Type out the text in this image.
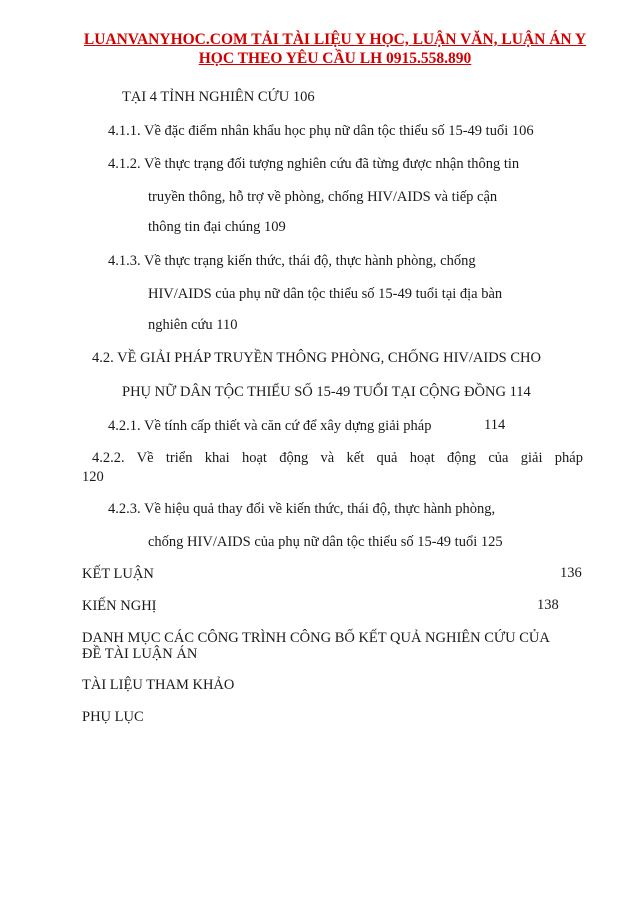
LUANVANYHOC.COM TẢI TÀI LIỆU Y HỌC, LUẬN VĂN, LUẬN ÁN Y
HỌC THEO YÊU CẦU LH 0915.558.890
TẠI 4 TỈNH NGHIÊN CỨU 106
4.1.1. Về đặc điểm nhân khẩu học phụ nữ dân tộc thiểu số 15-49 tuổi 106
4.1.2. Về thực trạng đối tượng nghiên cứu đã từng được nhận thông tin
truyền thông, hỗ trợ về phòng, chống HIV/AIDS và tiếp cận
thông tin đại chúng 109
4.1.3. Về thực trạng kiến thức, thái độ, thực hành phòng, chống
HIV/AIDS của phụ nữ dân tộc thiểu số 15-49 tuổi tại địa bàn
nghiên cứu 110
4.2. VỀ GIẢI PHÁP TRUYỀN THÔNG PHÒNG, CHỐNG HIV/AIDS CHO
PHỤ NỮ DÂN TỘC THIỂU SỐ 15-49 TUỔI TẠI CỘNG ĐỒNG 114
4.2.1. Về tính cấp thiết và căn cứ để xây dựng giải pháp	114
4.2.2. Về triển khai hoạt động và kết quả hoạt động của giải pháp
120
4.2.3. Về hiệu quả thay đổi về kiến thức, thái độ, thực hành phòng,
chống HIV/AIDS của phụ nữ dân tộc thiểu số 15-49 tuổi 125
KẾT LUẬN	136
KIẾN NGHỊ	138
DANH MỤC CÁC CÔNG TRÌNH CÔNG BỐ KẾT QUẢ NGHIÊN CỨU CỦA
ĐỀ TÀI LUẬN ÁN
TÀI LIỆU THAM KHẢO
PHỤ LỤC
